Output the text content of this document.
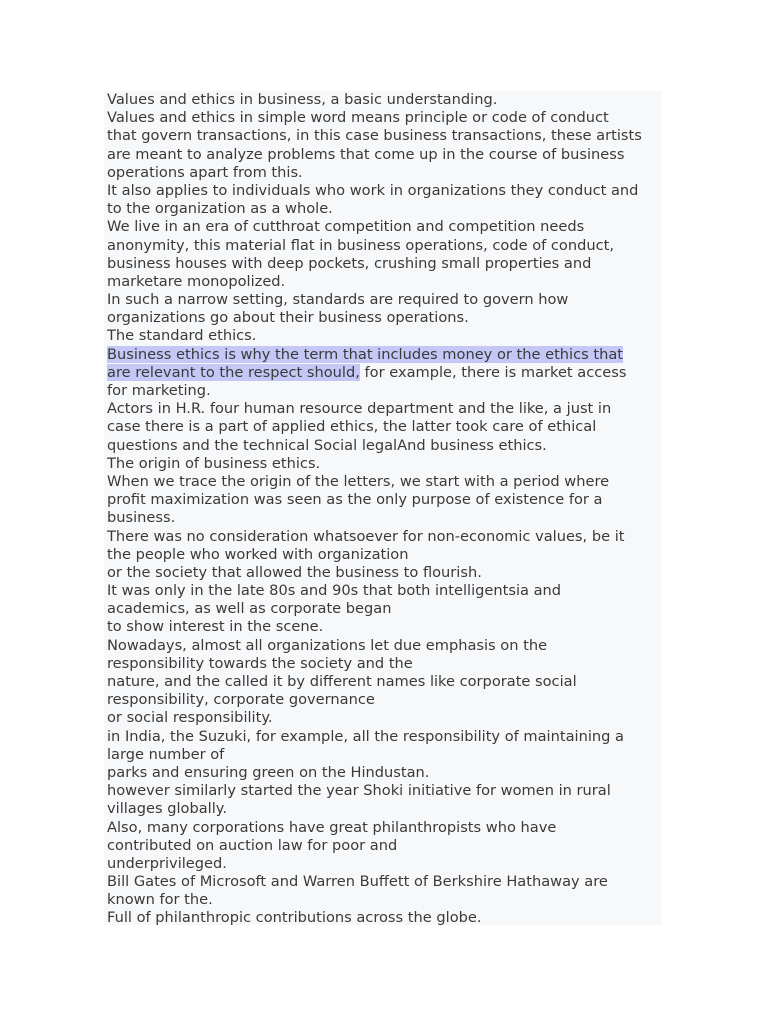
Values and ethics in business, a basic understanding.
Values and ethics in simple word means principle or code of conduct
that govern transactions, in this case business transactions, these artists
are meant to analyze problems that come up in the course of business
operations apart from this.
It also applies to individuals who work in organizations they conduct and
to the organization as a whole.
We live in an era of cutthroat competition and competition needs
anonymity, this material flat in business operations, code of conduct,
business houses with deep pockets, crushing small properties and
marketare monopolized.
In such a narrow setting, standards are required to govern how
organizations go about their business operations.
The standard ethics.
Business ethics is why the term that includes money or the ethics that
are relevant to the respect should, for example, there is market access
for marketing.
Actors in H.R. four human resource department and the like, a just in
case there is a part of applied ethics, the latter took care of ethical
questions and the technical Social legalAnd business ethics.
The origin of business ethics.
When we trace the origin of the letters, we start with a period where
profit maximization was seen as the only purpose of existence for a
business.
There was no consideration whatsoever for non-economic values, be it
the people who worked with organization
or the society that allowed the business to flourish.
It was only in the late 80s and 90s that both intelligentsia and
academics, as well as corporate began
to show interest in the scene.
Nowadays, almost all organizations let due emphasis on the
responsibility towards the society and the
nature, and the called it by different names like corporate social
responsibility, corporate governance
or social responsibility.
in India, the Suzuki, for example, all the responsibility of maintaining a
large number of
parks and ensuring green on the Hindustan.
however similarly started the year Shoki initiative for women in rural
villages globally.
Also, many corporations have great philanthropists who have
contributed on auction law for poor and
underprivileged.
Bill Gates of Microsoft and Warren Buffett of Berkshire Hathaway are
known for the.
Full of philanthropic contributions across the globe.
